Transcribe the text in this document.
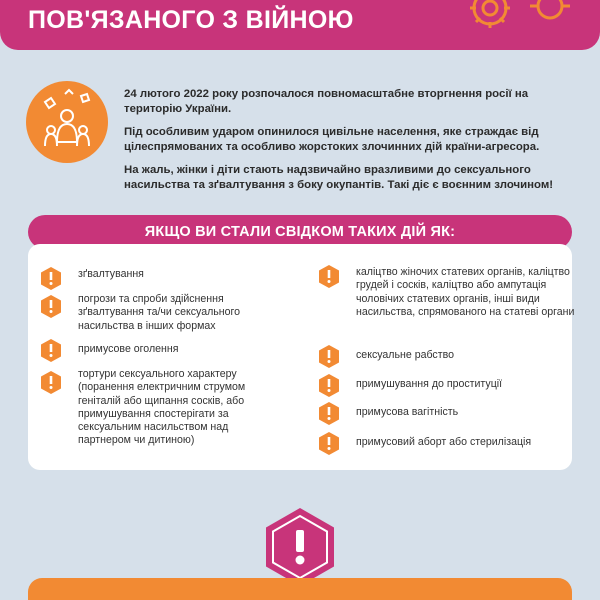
ПОВ'ЯЗАНОГО З ВІЙНОЮ

24 лютого 2022 року розпочалося повномасштабне вторгнення росії на територію України.

Під особливим ударом опинилося цивільне населення, яке страждає від цілеспрямованих та особливо жорстоких злочинних дій країни-агресора.

На жаль, жінки і діти стають надзвичайно вразливими до сексуального насильства та зґвалтування з боку окупантів. Такі діє є воєнним злочином!

ЯКЩО ВИ СТАЛИ СВІДКОМ ТАКИХ ДІЙ ЯК:
зґвалтування
погрози та спроби здійснення зґвалтування та/чи сексуального насильства в інших формах
примусове оголення
тортури сексуального характеру (поранення електричним струмом геніталій або щипання сосків, або примушування спостерігати за сексуальним насильством над партнером чи дитиною)
каліцтво жіночих статевих органів, каліцтво грудей і сосків, каліцтво або ампутація чоловічих статевих органів, інші види насильства, спрямованого на статеві органи
сексуальне рабство
примушування до проституції
примусова вагітність
примусовий аборт або стерилізація
